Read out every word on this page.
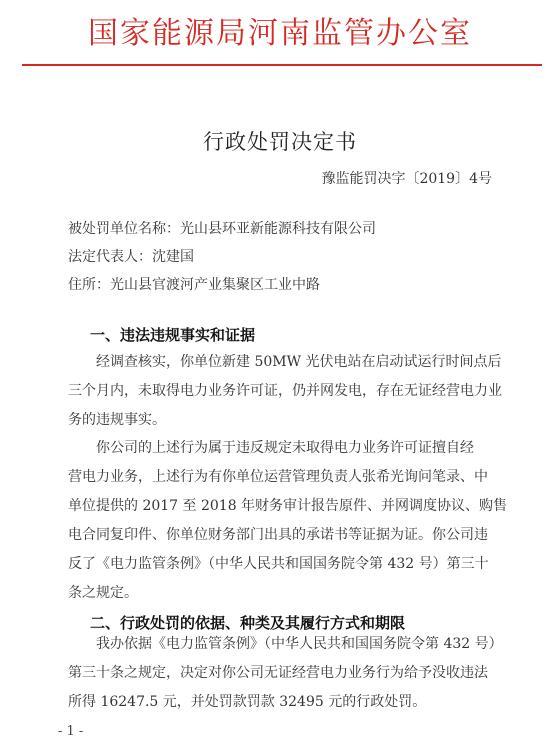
国家能源局河南监管办公室
行政处罚决定书
豫监能罚决字〔2019〕4号
被处罚单位名称：光山县环亚新能源科技有限公司
法定代表人：沈建国
住所：光山县官渡河产业集聚区工业中路
一、违法违规事实和证据
经调查核实，你单位新建 50MW 光伏电站在启动试运行时间点后
三个月内，未取得电力业务许可证，仍并网发电，存在无证经营电力业
务的违规事实。
你公司的上述行为属于违反规定未取得电力业务许可证擅自经
营电力业务，上述行为有你单位运营管理负责人张希光询问笔录、中
单位提供的 2017 至 2018 年财务审计报告原件、并网调度协议、购售
电合同复印件、你单位财务部门出具的承诺书等证据为证。你公司违
反了《电力监管条例》（中华人民共和国国务院令第 432 号）第三十
条之规定。
二、行政处罚的依据、种类及其履行方式和期限
我办依据《电力监管条例》（中华人民共和国国务院令第 432 号）
第三十条之规定，决定对你公司无证经营电力业务行为给予没收违法
所得 16247.5 元，并处罚款罚款 32495 元的行政处罚。
- 1 -
